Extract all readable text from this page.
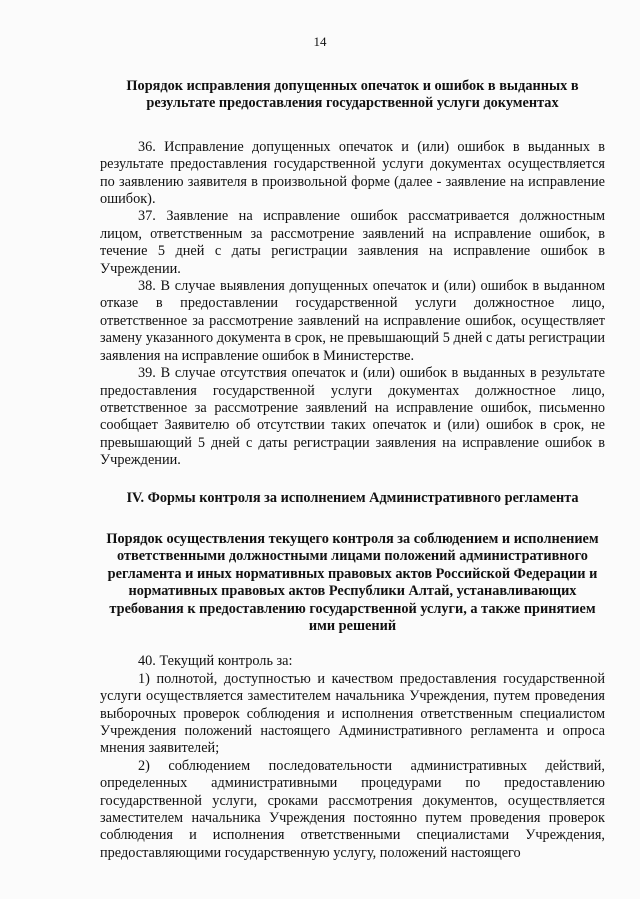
14

Порядок исправления допущенных опечаток и ошибок в выданных в результате предоставления государственной услуги документах

36. Исправление допущенных опечаток и (или) ошибок в выданных в результате предоставления государственной услуги документах осуществляется по заявлению заявителя в произвольной форме (далее - заявление на исправление ошибок).

37. Заявление на исправление ошибок рассматривается должностным лицом, ответственным за рассмотрение заявлений на исправление ошибок, в течение 5 дней с даты регистрации заявления на исправление ошибок в Учреждении.

38. В случае выявления допущенных опечаток и (или) ошибок в выданном отказе в предоставлении государственной услуги должностное лицо, ответственное за рассмотрение заявлений на исправление ошибок, осуществляет замену указанного документа в срок, не превышающий 5 дней с даты регистрации заявления на исправление ошибок в Министерстве.

39. В случае отсутствия опечаток и (или) ошибок в выданных в результате предоставления государственной услуги документах должностное лицо, ответственное за рассмотрение заявлений на исправление ошибок, письменно сообщает Заявителю об отсутствии таких опечаток и (или) ошибок в срок, не превышающий 5 дней с даты регистрации заявления на исправление ошибок в Учреждении.

IV. Формы контроля за исполнением Административного регламента

Порядок осуществления текущего контроля за соблюдением и исполнением ответственными должностными лицами положений административного регламента и иных нормативных правовых актов Российской Федерации и нормативных правовых актов Республики Алтай, устанавливающих требования к предоставлению государственной услуги, а также принятием ими решений

40. Текущий контроль за:

1) полнотой, доступностью и качеством предоставления государственной услуги осуществляется заместителем начальника Учреждения, путем проведения выборочных проверок соблюдения и исполнения ответственным специалистом Учреждения положений настоящего Административного регламента и опроса мнения заявителей;

2) соблюдением последовательности административных действий, определенных административными процедурами по предоставлению государственной услуги, сроками рассмотрения документов, осуществляется заместителем начальника Учреждения постоянно путем проведения проверок соблюдения и исполнения ответственными специалистами Учреждения, предоставляющими государственную услугу, положений настоящего
